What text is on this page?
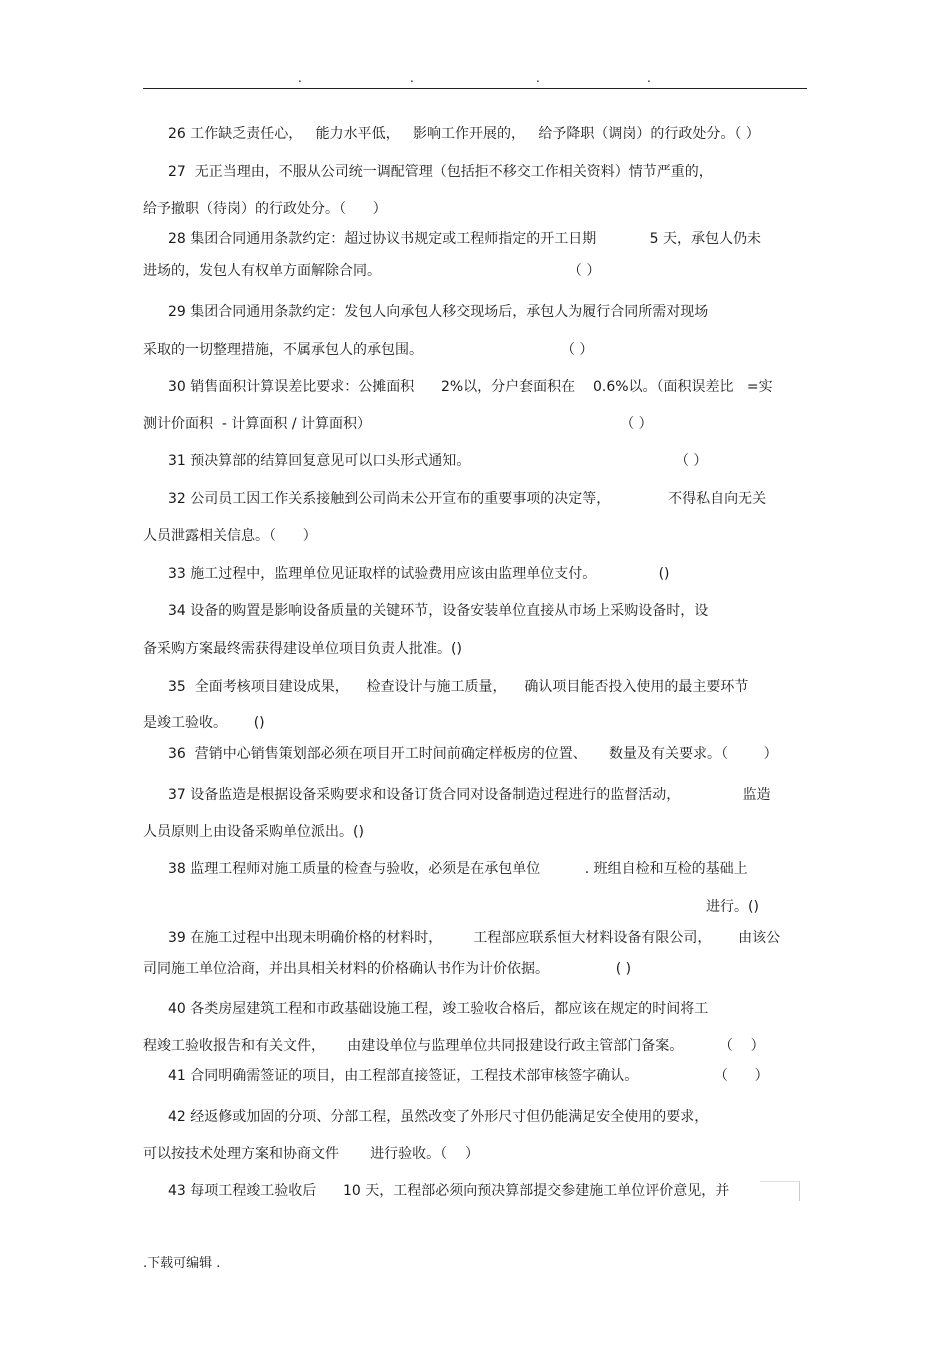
.	.	.	.
26 工作缺乏责任心，   能力水平低，   影响工作开展的，   给予降职（调岗）的行政处分。（ ）
27  无正当理由，不服从公司统一调配管理（包括拒不移交工作相关资料）情节严重的，
给予撤职（待岗）的行政处分。（      ）
28 集团合同通用条款约定：超过协议书规定或工程师指定的开工日期            5 天，承包人仍未
进场的，发包人有权单方面解除合同。                                          （ ）
29 集团合同通用条款约定：发包人向承包人移交现场后，承包人为履行合同所需对现场
采取的一切整理措施，不属承包人的承包围。                               （ ）
30 销售面积计算误差比要求：公摊面积      2%以，分户套面积在    0.6%以。（面积误差比   =实
测计价面积  - 计算面积 / 计算面积）                                                        （ ）
31 预决算部的结算回复意见可以口头形式通知。                                              （ ）
32 公司员工因工作关系接触到公司尚未公开宣布的重要事项的决定等，             不得私自向无关
人员泄露相关信息。（      ）
33 施工过程中，监理单位见证取样的试验费用应该由监理单位支付。              ()
34 设备的购置是影响设备质量的关键环节，设备安装单位直接从市场上采购设备时，设
备采购方案最终需获得建设单位项目负责人批准。()
35  全面考核项目建设成果，    检查设计与施工质量，    确认项目能否投入使用的最主要环节
是竣工验收。      ()
36  营销中心销售策划部必须在项目开工时间前确定样板房的位置、     数量及有关要求。（        ）
37 设备监造是根据设备采购要求和设备订货合同对设备制造过程进行的监督活动，              监造
人员原则上由设备采购单位派出。()
38 监理工程师对施工质量的检查与验收，必须是在承包单位          . 班组自检和互检的基础上
进行。()
39 在施工过程中出现未明确价格的材料时，       工程部应联系恒大材料设备有限公司，      由该公
司同施工单位洽商，并出具相关材料的价格确认书作为计价依据。               ( )
40 各类房屋建筑工程和市政基础设施工程，竣工验收合格后，都应该在规定的时间将工
程竣工验收报告和有关文件，     由建设单位与监理单位共同报建设行政主管部门备案。        （    ）
41 合同明确需签证的项目，由工程部直接签证，工程技术部审核签字确认。                 （      ）
42 经返修或加固的分项、分部工程，虽然改变了外形尺寸但仍能满足安全使用的要求，
可以按技术处理方案和协商文件       进行验收。（    ）
43 每项工程竣工验收后      10 天，工程部必须向预决算部提交参建施工单位评价意见，并
.下载可编辑 .
